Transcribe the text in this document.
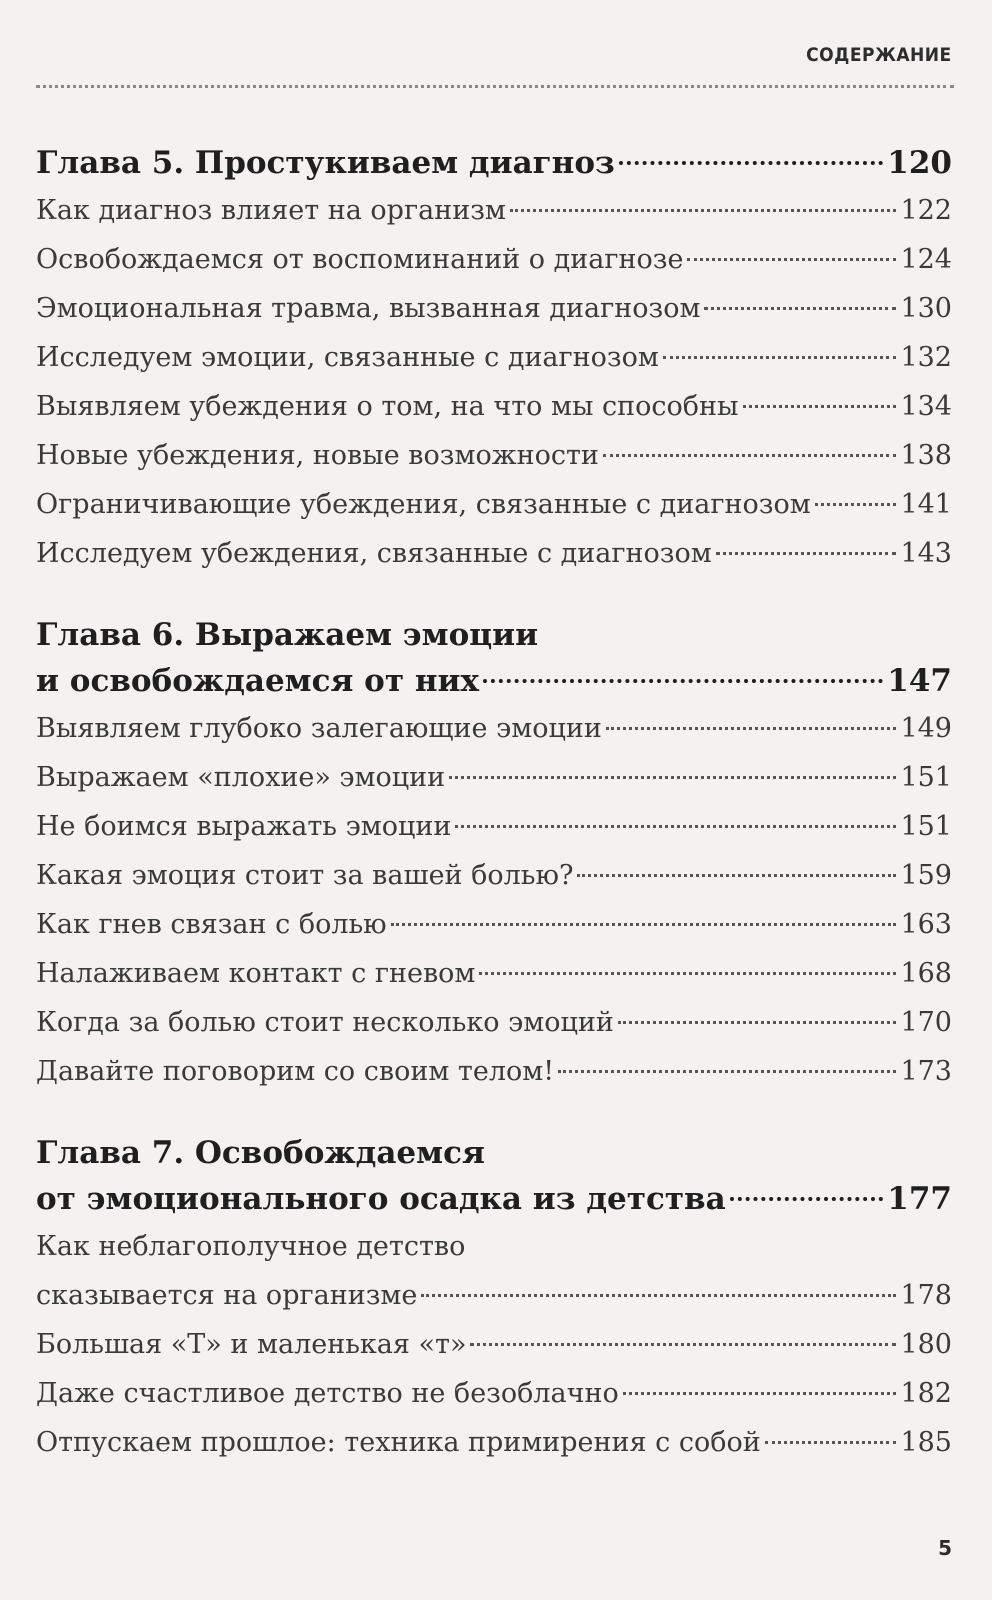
СОДЕРЖАНИЕ
Глава 5. Простукиваем диагноз	120
Как диагноз влияет на организм	122
Освобождаемся от воспоминаний о диагнозе	124
Эмоциональная травма, вызванная диагнозом	130
Исследуем эмоции, связанные с диагнозом	132
Выявляем убеждения о том, на что мы способны	134
Новые убеждения, новые возможности	138
Ограничивающие убеждения, связанные с диагнозом	141
Исследуем убеждения, связанные с диагнозом	143
Глава 6. Выражаем эмоции
и освобождаемся от них	147
Выявляем глубоко залегающие эмоции	149
Выражаем «плохие» эмоции	151
Не боимся выражать эмоции	151
Какая эмоция стоит за вашей болью?	159
Как гнев связан с болью	163
Налаживаем контакт с гневом	168
Когда за болью стоит несколько эмоций	170
Давайте поговорим со своим телом!	173
Глава 7. Освобождаемся
от эмоционального осадка из детства	177
Как неблагополучное детство
сказывается на организме	178
Большая «Т» и маленькая «т»	180
Даже счастливое детство не безоблачно	182
Отпускаем прошлое: техника примирения с собой	185
5
